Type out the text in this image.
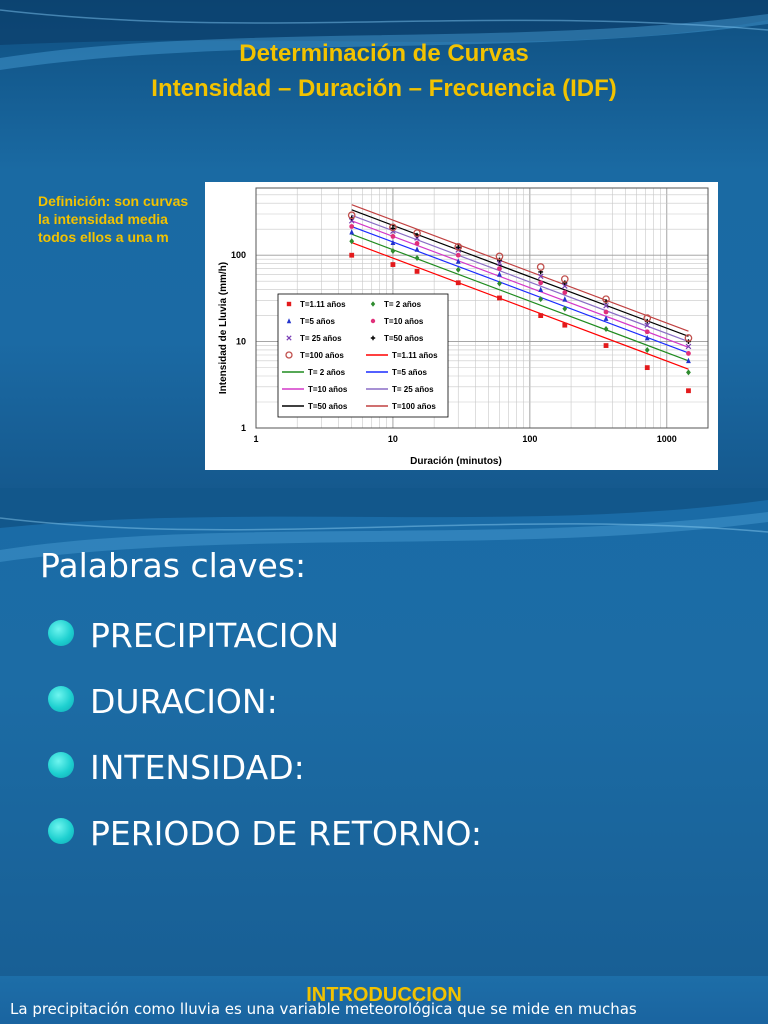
Determinación de Curvas
Intensidad – Duración – Frecuencia (IDF)
Definición: son curvas
la intensidad media
todos ellos a una m
1	10	100	1000
1
10
100
Duración (minutos)
Intensidad de Lluvia (mm/h)	T=1.11 años	T= 2 años
T=5 años	T=10 años
T= 25 años	T=50 años
T=100 años	T=1.11 años
T= 2 años	T=5 años
T=10 años	T= 25 años
T=50 años	T=100 años
Palabras claves:
PRECIPITACION
DURACION:
INTENSIDAD:
PERIODO DE RETORNO:
INTRODUCCION
La precipitación como lluvia es una variable meteorológica que se mide en muchas
